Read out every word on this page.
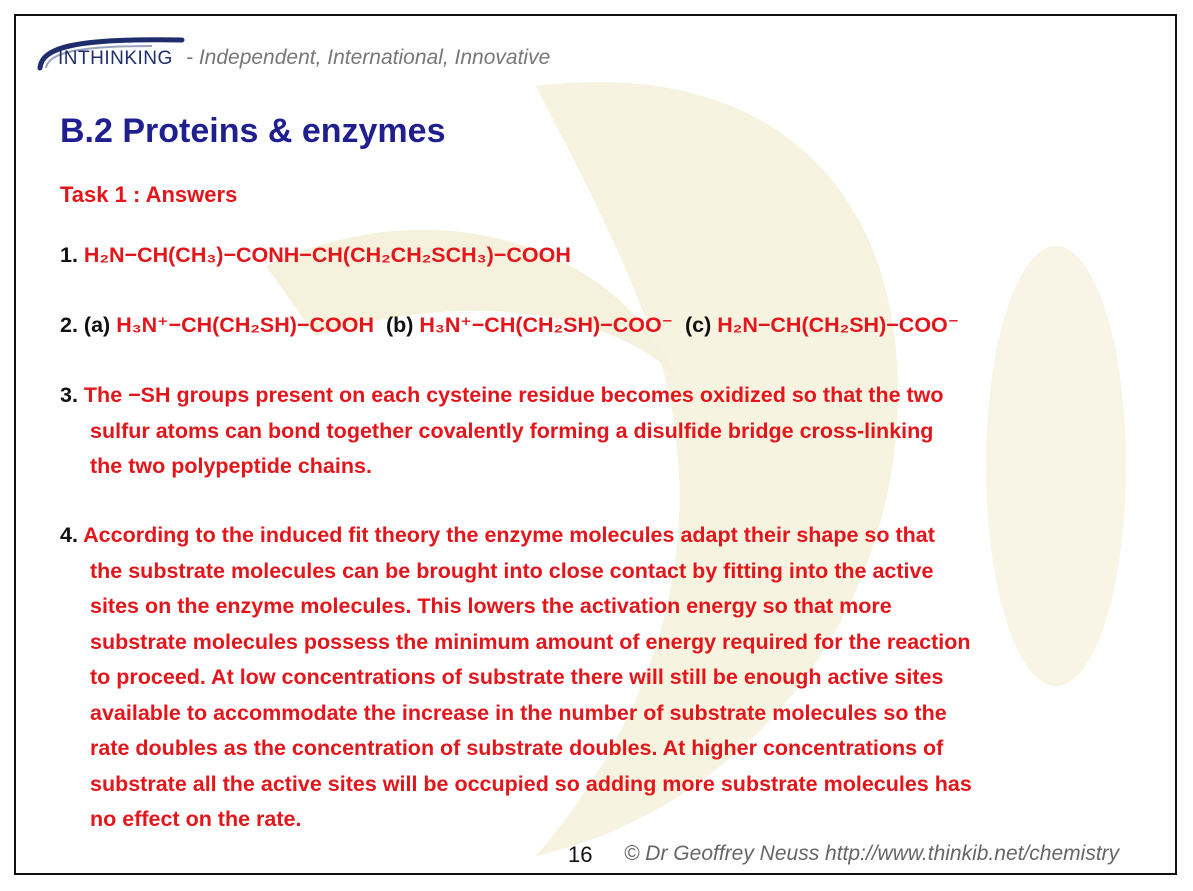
INTHINKING - Independent, International, Innovative
B.2 Proteins & enzymes
Task 1 : Answers
1. H₂N−CH(CH₃)−CONH−CH(CH₂CH₂SCH₃)−COOH
2. (a) H₃N⁺−CH(CH₂SH)−COOH (b) H₃N⁺−CH(CH₂SH)−COO⁻ (c) H₂N−CH(CH₂SH)−COO⁻
3. The −SH groups present on each cysteine residue becomes oxidized so that the two
sulfur atoms can bond together covalently forming a disulfide bridge cross-linking
the two polypeptide chains.
4. According to the induced fit theory the enzyme molecules adapt their shape so that
the substrate molecules can be brought into close contact by fitting into the active
sites on the enzyme molecules. This lowers the activation energy so that more
substrate molecules possess the minimum amount of energy required for the reaction
to proceed. At low concentrations of substrate there will still be enough active sites
available to accommodate the increase in the number of substrate molecules so the
rate doubles as the concentration of substrate doubles. At higher concentrations of
substrate all the active sites will be occupied so adding more substrate molecules has
no effect on the rate.
16 © Dr Geoffrey Neuss http://www.thinkib.net/chemistry
